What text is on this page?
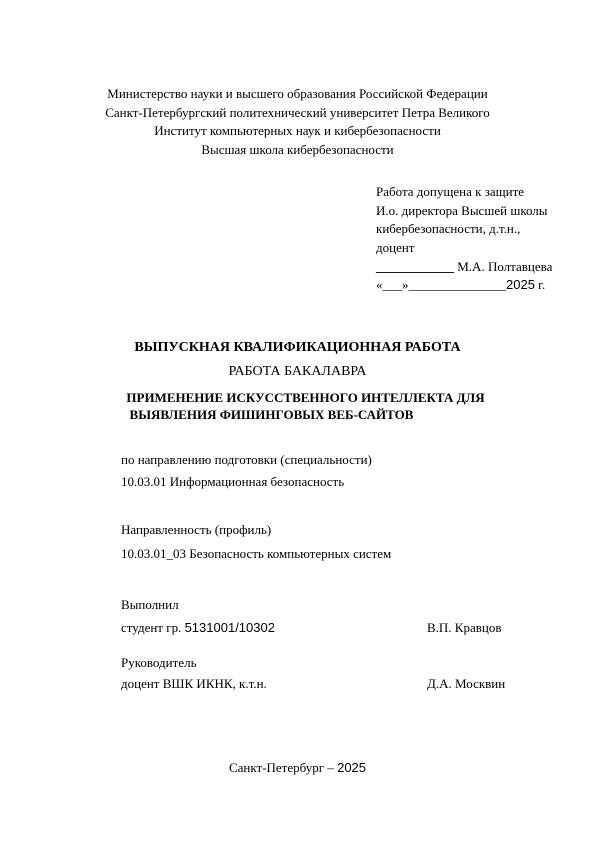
Министерство науки и высшего образования Российской Федерации
Санкт-Петербургский политехнический университет Петра Великого
Институт компьютерных наук и кибербезопасности
Высшая школа кибербезопасности
Работа допущена к защите
И.о. директора Высшей школы
кибербезопасности, д.т.н.,
доцент
____________ М.А. Полтавцева
«___»_______________2025 г.
ВЫПУСКНАЯ КВАЛИФИКАЦИОННАЯ РАБОТА
РАБОТА БАКАЛАВРА
ПРИМЕНЕНИЕ ИСКУССТВЕННОГО ИНТЕЛЛЕКТА ДЛЯ
ВЫЯВЛЕНИЯ ФИШИНГОВЫХ ВЕБ-САЙТОВ
по направлению подготовки (специальности)
10.03.01 Информационная безопасность
Направленность (профиль)
10.03.01_03 Безопасность компьютерных систем
Выполнил
студент гр. 5131001/10302	В.П. Кравцов
Руководитель
доцент ВШК ИКНК, к.т.н.	Д.А. Москвин
Санкт-Петербург – 2025
